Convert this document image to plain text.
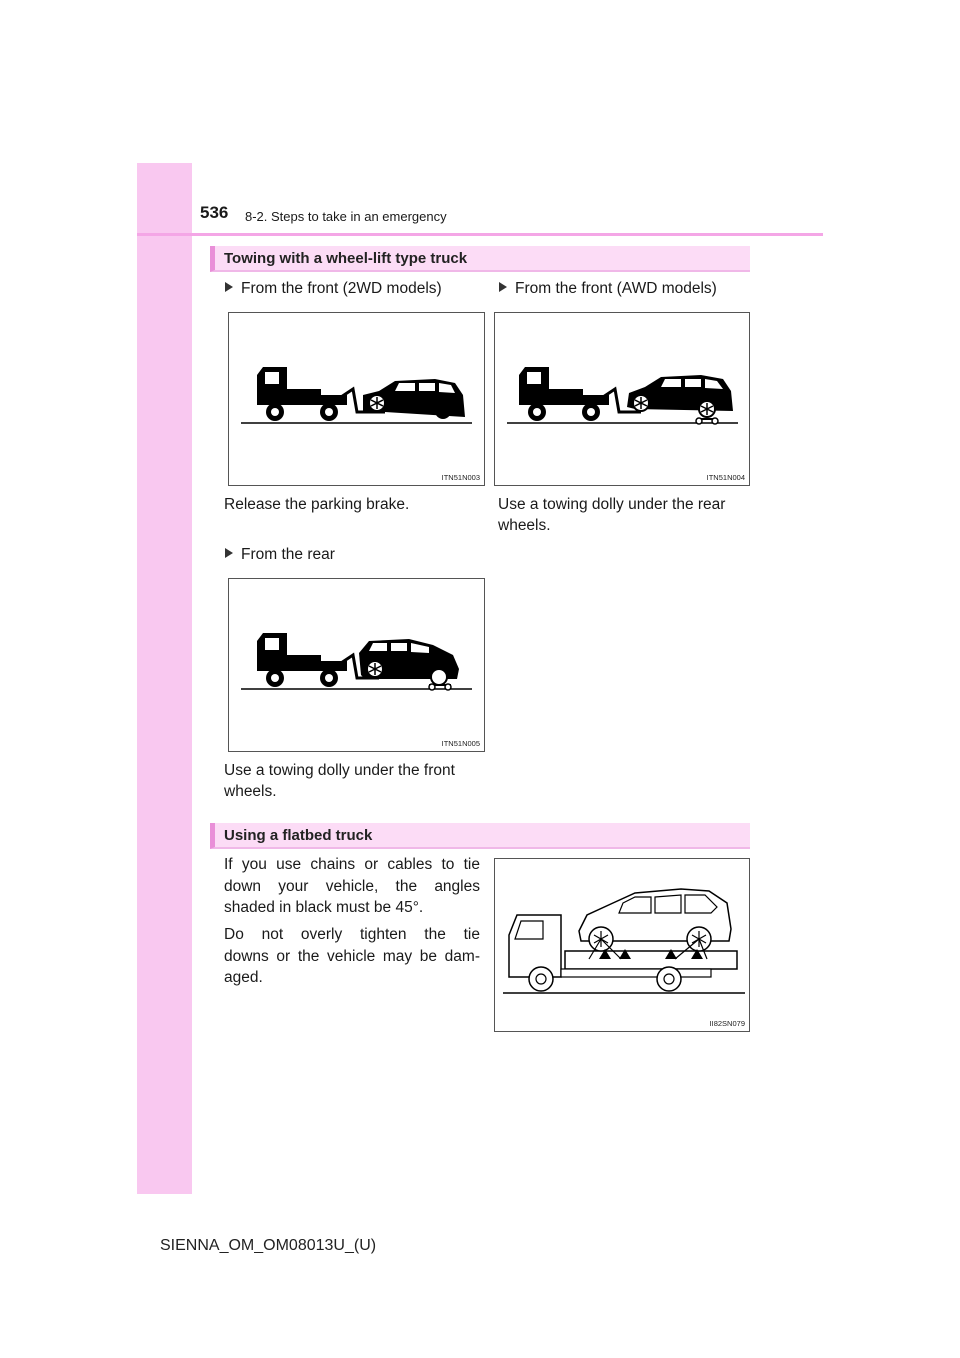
536 8-2. Steps to take in an emergency
Towing with a wheel-lift type truck
From the front (2WD models)	From the front (AWD models)
ITN51N003	ITN51N004
Release the parking brake.	Use a towing dolly under the rear
wheels.
From the rear
ITN51N005
Use a towing dolly under the front
wheels.
Using a flatbed truck
If you use chains or cables to tie
down your vehicle, the angles
shaded in black must be 45°.
Do not overly tighten the tie
downs or the vehicle may be dam-
aged.
II82SN079
SIENNA_OM_OM08013U_(U)
